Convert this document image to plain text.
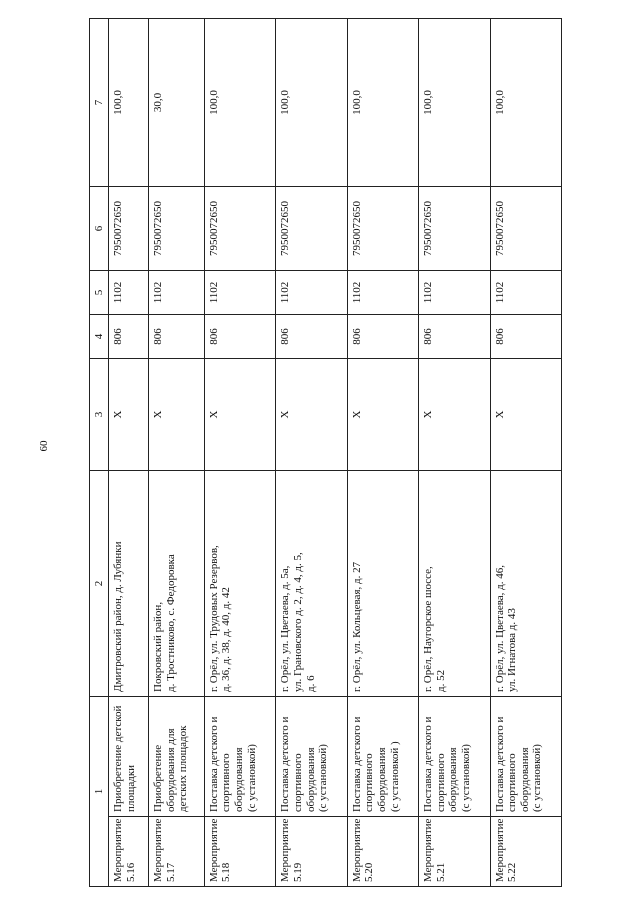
60
1		2	3	4	5	6	7
Мероприятие
5.16	Приобретение детской площадки	Дмитровский район, д. Лубянки	Х	806	1102	7950072650	100,0
Мероприятие
5.17	Приобретение оборудования для детских площадок	Покровский район,
д. Тростниково, с. Федоровка	Х	806	1102	7950072650	30,0
Мероприятие
5.18	Поставка детского и спортивного оборудования
(с установкой)	г. Орёл, ул. Трудовых Резервов,
д. 36, д. 38, д. 40, д. 42	Х	806	1102	7950072650	100,0
Мероприятие
5.19	Поставка детского и спортивного оборудования
(с установкой)	г. Орёл, ул. Цветаева, д. 5а,
ул. Грановского д. 2, д. 4, д. 5,
д. 6	Х	806	1102	7950072650	100,0
Мероприятие
5.20	Поставка детского и спортивного оборудования
(с установкой )	г. Орёл, ул. Кольцевая, д. 27	Х	806	1102	7950072650	100,0
Мероприятие
5.21	Поставка детского и спортивного оборудования
(с установкой)	г. Орёл, Наугорское шоссе,
д. 52	Х	806	1102	7950072650	100,0
Мероприятие
5.22	Поставка детского и спортивного оборудования
(с установкой)	г. Орёл, ул. Цветаева, д. 46,
ул. Игнатова д. 43	Х	806	1102	7950072650	100,0
